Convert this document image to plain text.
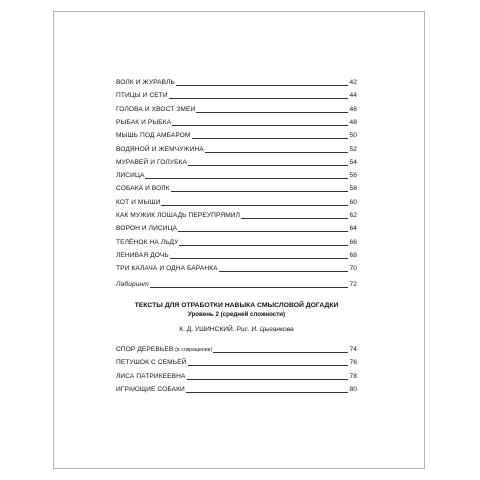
ВОЛК И ЖУРАВЛЬ	42
ПТИЦЫ И СЕТИ	44
ГОЛОВА И ХВОСТ ЗМЕИ	46
РЫБАК И РЫБКА	48
МЫШЬ ПОД АМБАРОМ	50
ВОДЯНОЙ И ЖЕМЧУЖИНА	52
МУРАВЕЙ И ГОЛУБКА	54
ЛИСИЦА	56
СОБАКА И ВОЛК	58
КОТ И МЫШИ	60
КАК МУЖИК ЛОШАДЬ ПЕРЕУПРЯМИЛ	62
ВОРОН И ЛИСИЦА	64
ТЕЛЁНОК НА ЛЬДУ	66
ЛЕНИВАЯ ДОЧЬ	68
ТРИ КАЛАЧА И ОДНА БАРАНКА	70
Лабиринт	72
ТЕКСТЫ ДЛЯ ОТРАБОТКИ НАВЫКА СМЫСЛОВОЙ ДОГАДКИ
Уровень 2 (средней сложности)
К. Д. УШИНСКИЙ. Рис. И. Цыганкова
СПОР ДЕРЕВЬЕВ (в сокращении)	74
ПЕТУШОК С СЕМЬЁЙ	76
ЛИСА ПАТРИКЕЕВНА	78
ИГРАЮЩИЕ СОБАКИ	80
